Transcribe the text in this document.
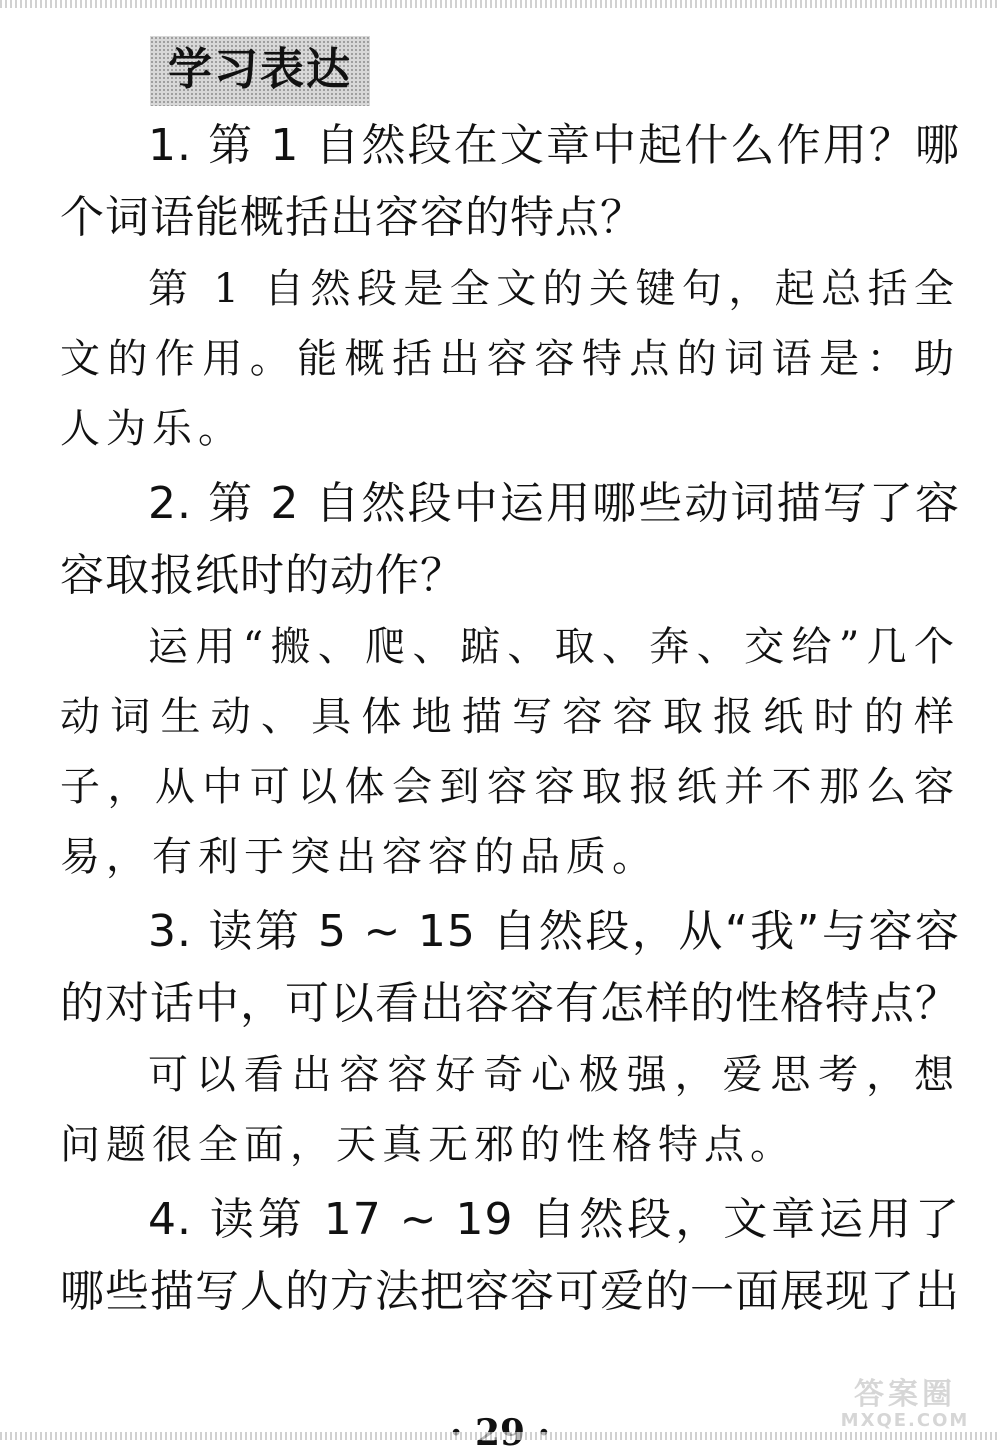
学习表达

1. 第 1 自然段在文章中起什么作用？哪个词语能概括出容容的特点？

第 1 自然段是全文的关键句，起总括全文的作用。能概括出容容特点的词语是：助人为乐。

2. 第 2 自然段中运用哪些动词描写了容容取报纸时的动作？

运用“搬、爬、踮、取、奔、交给”几个动词生动、具体地描写容容取报纸时的样子，从中可以体会到容容取报纸并不那么容易，有利于突出容容的品质。

3. 读第 5 ~ 15 自然段，从“我”与容容的对话中，可以看出容容有怎样的性格特点？

可以看出容容好奇心极强，爱思考，想问题很全面，天真无邪的性格特点。

4. 读第 17 ~ 19 自然段，文章运用了哪些描写人的方法把容容可爱的一面展现了出

答案圈
MXQE.COM
